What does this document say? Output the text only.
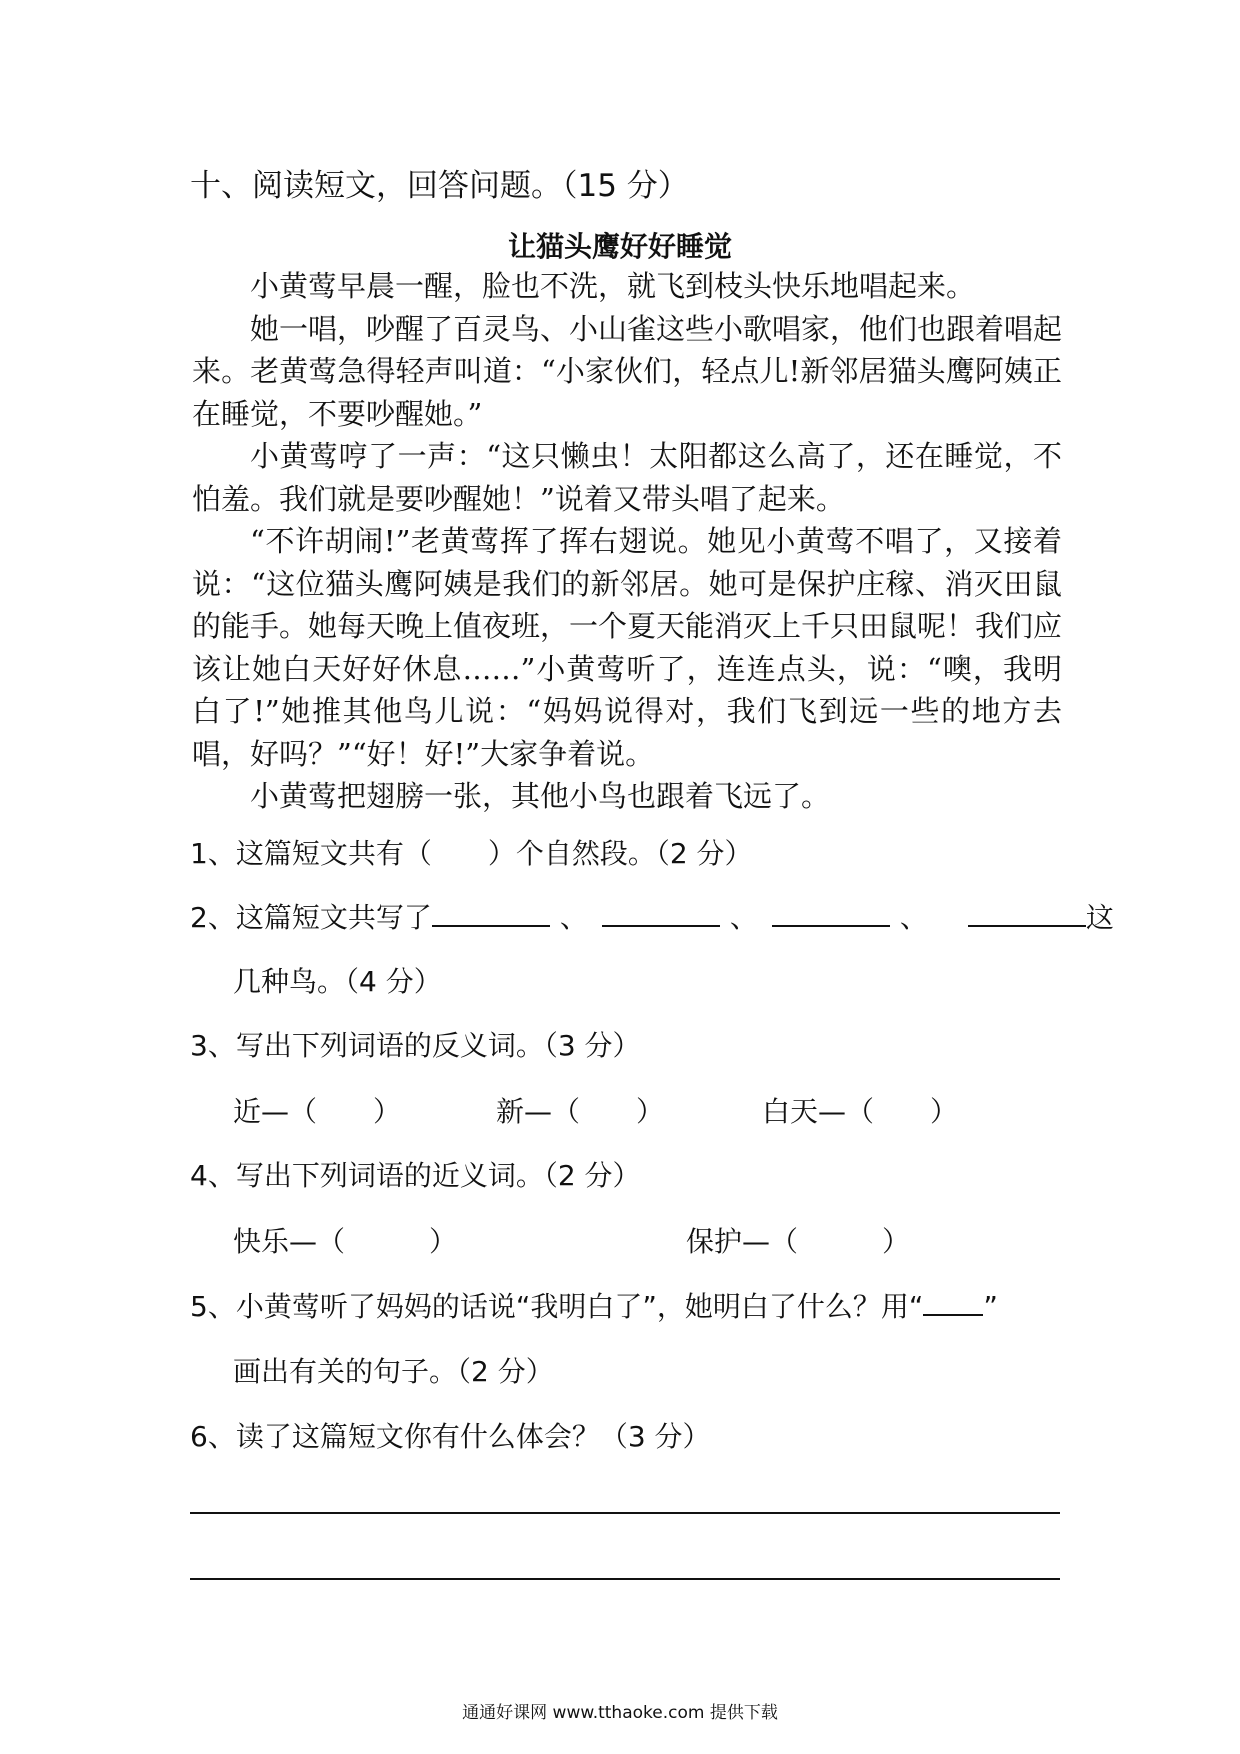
十、阅读短文，回答问题。（15 分）
让猫头鹰好好睡觉

小黄莺早晨一醒，脸也不洗，就飞到枝头快乐地唱起来。

她一唱，吵醒了百灵鸟、小山雀这些小歌唱家，他们也跟着唱起来。老黄莺急得轻声叫道：“小家伙们，轻点儿!新邻居猫头鹰阿姨正在睡觉，不要吵醒她。”

小黄莺哼了一声：“这只懒虫！太阳都这么高了，还在睡觉，不怕羞。我们就是要吵醒她！”说着又带头唱了起来。

“不许胡闹!”老黄莺挥了挥右翅说。她见小黄莺不唱了，又接着说：“这位猫头鹰阿姨是我们的新邻居。她可是保护庄稼、消灭田鼠的能手。她每天晚上值夜班，一个夏天能消灭上千只田鼠呢！我们应该让她白天好好休息……”小黄莺听了，连连点头，说：“噢，我明白了!”她推其他鸟儿说：“妈妈说得对，我们飞到远一些的地方去唱，好吗？”“好！好!”大家争着说。

小黄莺把翅膀一张，其他小鸟也跟着飞远了。

1、这篇短文共有（　　）个自然段。（2 分）
2、这篇短文共写了	、	、	、	这
几种鸟。（4 分）
3、写出下列词语的反义词。（3 分）
近—（　　）	新—（　　）	白天—（　　）
4、写出下列词语的近义词。（2 分）
快乐—（　　　）	保护—（　　　）
5、小黄莺听了妈妈的话说“我明白了”，她明白了什么？用“ ”
画出有关的句子。（2 分）
6、读了这篇短文你有什么体会？（3 分）
通通好课网 www.tthaoke.com 提供下载
